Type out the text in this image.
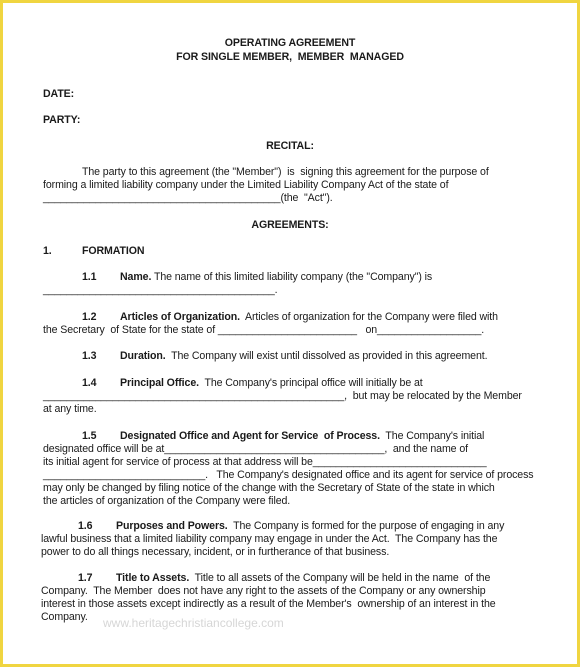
OPERATING AGREEMENT
FOR SINGLE MEMBER,  MEMBER  MANAGED
DATE:
PARTY:
RECITAL:
The party to this agreement (the "Member")  is  signing this agreement for the purpose of
forming a limited liability company under the Limited Liability Company Act of the state of
_________________________________________(the  "Act").
AGREEMENTS:
1.	FORMATION
1.1 Name. The name of this limited liability company (the "Company") is
________________________________________.
1.2 Articles of Organization.  Articles of organization for the Company were filed with
the Secretary  of State for the state of ________________________   on__________________.
1.3 Duration.  The Company will exist until dissolved as provided in this agreement.
1.4 Principal Office.  The Company's principal office will initially be at
____________________________________________________,  but may be relocated by the Member
at any time.
1.5 Designated Office and Agent for Service  of Process.  The Company's initial
designated office will be at______________________________________,  and the name of
its initial agent for service of process at that address will be______________________________
____________________________.   The Company's designated office and its agent for service of process
may only be changed by filing notice of the change with the Secretary of State of the state in which
the articles of organization of the Company were filed.
1.6 Purposes and Powers.  The Company is formed for the purpose of engaging in any
lawful business that a limited liability company may engage in under the Act.  The Company has the
power to do all things necessary, incident, or in furtherance of that business.
1.7 Title to Assets.  Title to all assets of the Company will be held in the name  of the
Company.  The Member  does not have any right to the assets of the Company or any ownership
interest in those assets except indirectly as a result of the Member's  ownership of an interest in the
Company. www.heritagechristiancollege.com
